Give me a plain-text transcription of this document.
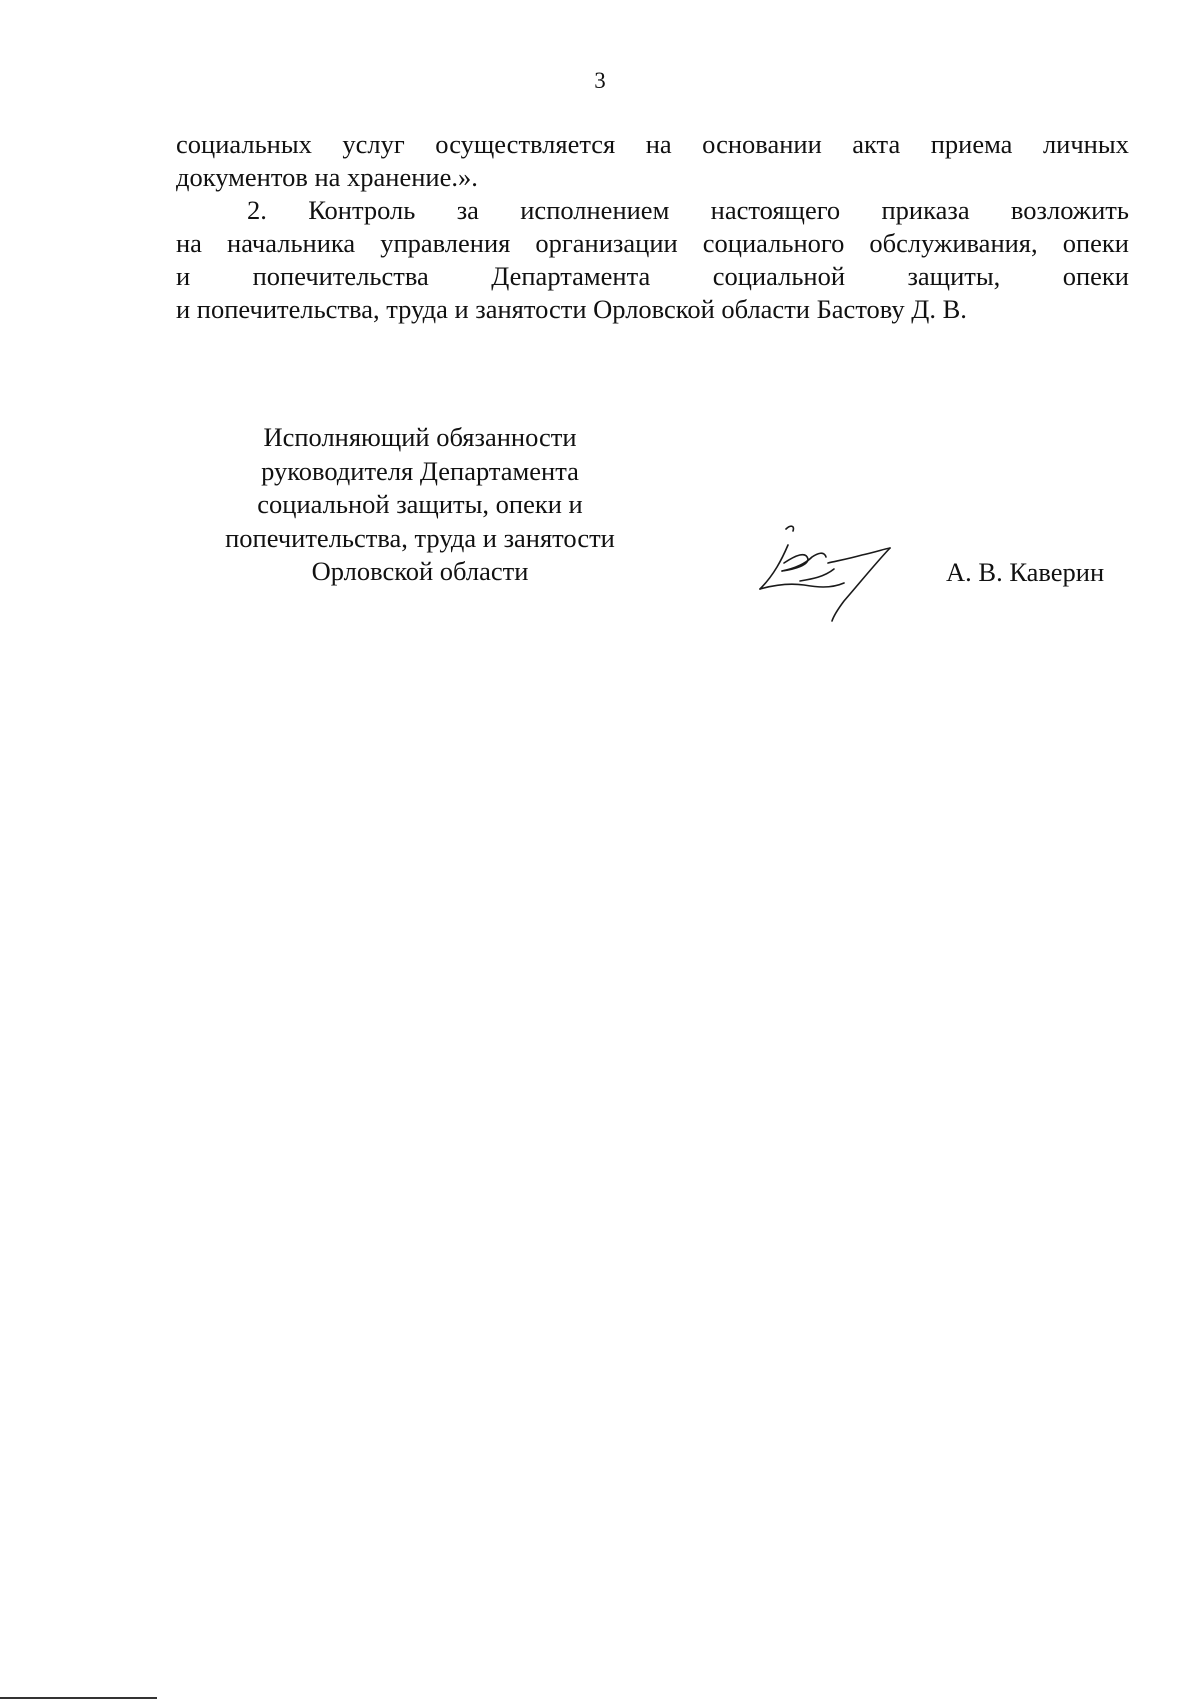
3
социальных услуг осуществляется на основании акта приема личных
документов на хранение.».
2. Контроль за исполнением настоящего приказа возложить
на начальника управления организации социального обслуживания, опеки
и попечительства Департамента социальной защиты, опеки
и попечительства, труда и занятости Орловской области Бастову Д. В.
Исполняющий обязанности
руководителя Департамента
социальной защиты, опеки и
попечительства, труда и занятости
Орловской области	А. В. Каверин
